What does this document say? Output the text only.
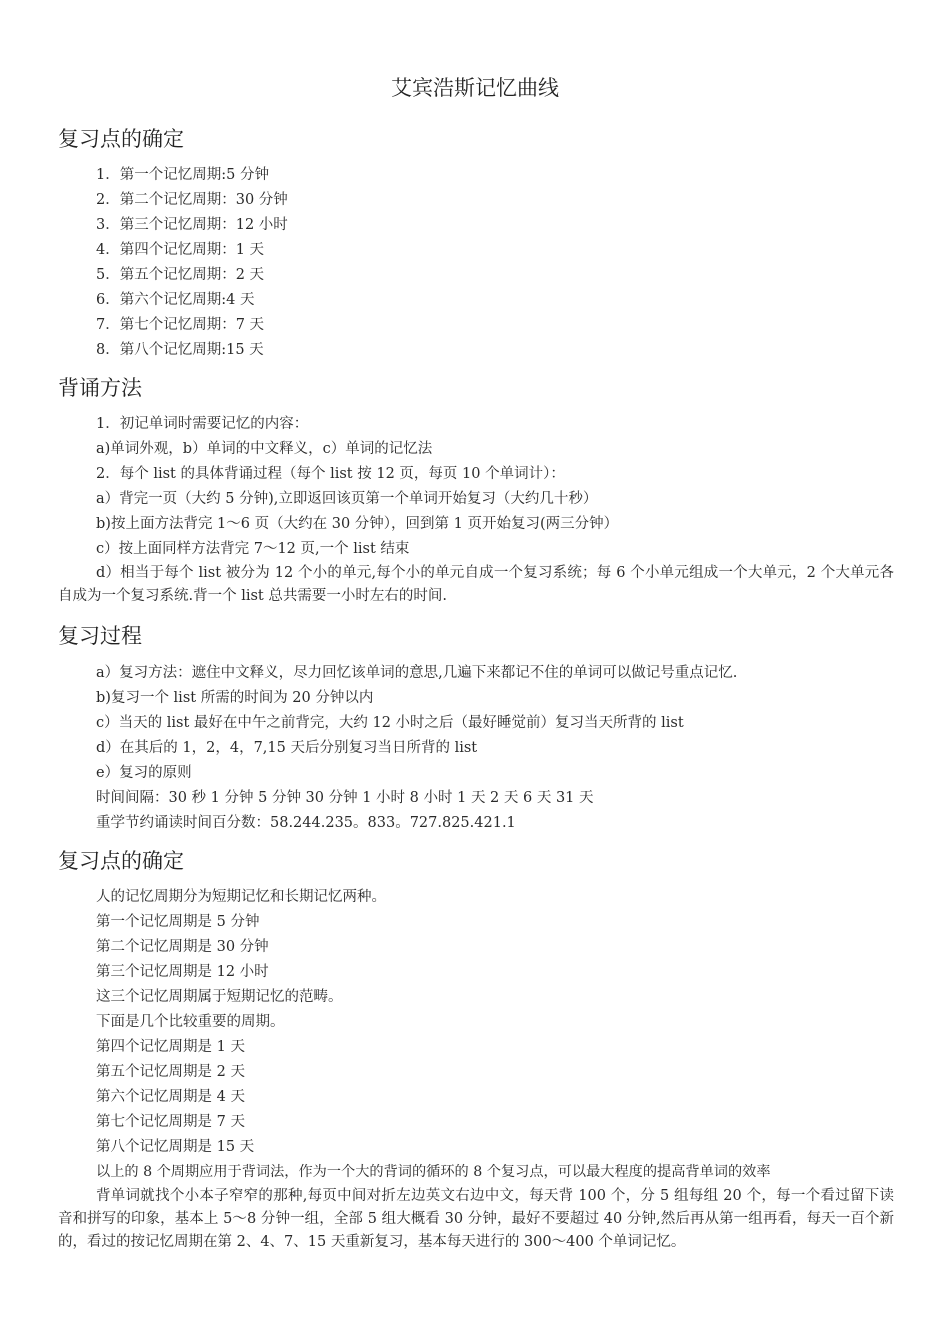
艾宾浩斯记忆曲线
复习点的确定
1．第一个记忆周期:5 分钟
2．第二个记忆周期：30 分钟
3．第三个记忆周期：12 小时
4．第四个记忆周期：1 天
5．第五个记忆周期：2 天
6．第六个记忆周期:4 天
7．第七个记忆周期：7 天
8．第八个记忆周期:15 天
背诵方法
1．初记单词时需要记忆的内容：
a)单词外观，b）单词的中文释义，c）单词的记忆法
2．每个 list 的具体背诵过程（每个 list 按 12 页，每页 10 个单词计）：
a）背完一页（大约 5 分钟),立即返回该页第一个单词开始复习（大约几十秒）
b)按上面方法背完 1～6 页（大约在 30 分钟），回到第 1 页开始复习(两三分钟）
c）按上面同样方法背完 7～12 页,一个 list 结束
d）相当于每个 list 被分为 12 个小的单元,每个小的单元自成一个复习系统；每 6 个小单元组成一个大单元，2 个大单元各自成为一个复习系统.背一个 list 总共需要一小时左右的时间.
复习过程
a）复习方法：遮住中文释义，尽力回忆该单词的意思,几遍下来都记不住的单词可以做记号重点记忆.
b)复习一个 list 所需的时间为 20 分钟以内
c）当天的 list 最好在中午之前背完，大约 12 小时之后（最好睡觉前）复习当天所背的 list
d）在其后的 1，2，4，7,15 天后分别复习当日所背的 list
e）复习的原则
时间间隔：30 秒 1 分钟 5 分钟 30 分钟 1 小时 8 小时 1 天 2 天 6 天 31 天
重学节约诵读时间百分数：58.244.235。833。727.825.421.1
复习点的确定
人的记忆周期分为短期记忆和长期记忆两种。
第一个记忆周期是 5 分钟
第二个记忆周期是 30 分钟
第三个记忆周期是 12 小时
这三个记忆周期属于短期记忆的范畴。
下面是几个比较重要的周期。
第四个记忆周期是 1 天
第五个记忆周期是 2 天
第六个记忆周期是 4 天
第七个记忆周期是 7 天
第八个记忆周期是 15 天
以上的 8 个周期应用于背词法，作为一个大的背词的循环的 8 个复习点，可以最大程度的提高背单词的效率
背单词就找个小本子窄窄的那种,每页中间对折左边英文右边中文，每天背 100 个，分 5 组每组 20 个，每一个看过留下读音和拼写的印象，基本上 5～8 分钟一组，全部 5 组大概看 30 分钟，最好不要超过 40 分钟,然后再从第一组再看，每天一百个新的，看过的按记忆周期在第 2、4、7、15 天重新复习，基本每天进行的 300～400 个单词记忆。
